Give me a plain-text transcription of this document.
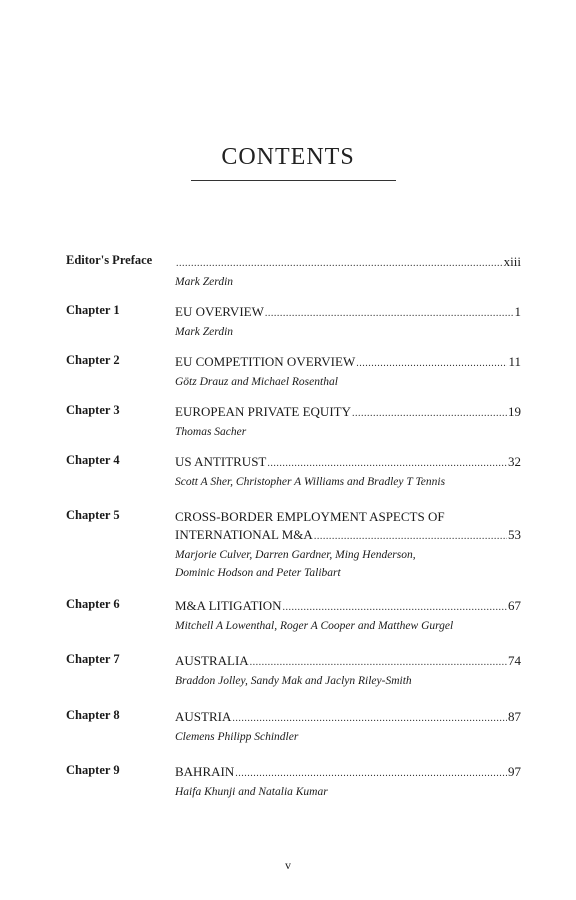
CONTENTS
Editor's Preface .....	xiii
Mark Zerdin
Chapter 1	EU OVERVIEW .....	1
Mark Zerdin
Chapter 2	EU COMPETITION OVERVIEW .....	11
Götz Drauz and Michael Rosenthal
Chapter 3	EUROPEAN PRIVATE EQUITY .....	19
Thomas Sacher
Chapter 4	US ANTITRUST .....	32
Scott A Sher, Christopher A Williams and Bradley T Tennis
Chapter 5	CROSS-BORDER EMPLOYMENT ASPECTS OF
INTERNATIONAL M&A .....	53
Marjorie Culver, Darren Gardner, Ming Henderson,
Dominic Hodson and Peter Talibart
Chapter 6	M&A LITIGATION .....	67
Mitchell A Lowenthal, Roger A Cooper and Matthew Gurgel
Chapter 7	AUSTRALIA .....	74
Braddon Jolley, Sandy Mak and Jaclyn Riley-Smith
Chapter 8	AUSTRIA .....	87
Clemens Philipp Schindler
Chapter 9	BAHRAIN .....	97
Haifa Khunji and Natalia Kumar
v
